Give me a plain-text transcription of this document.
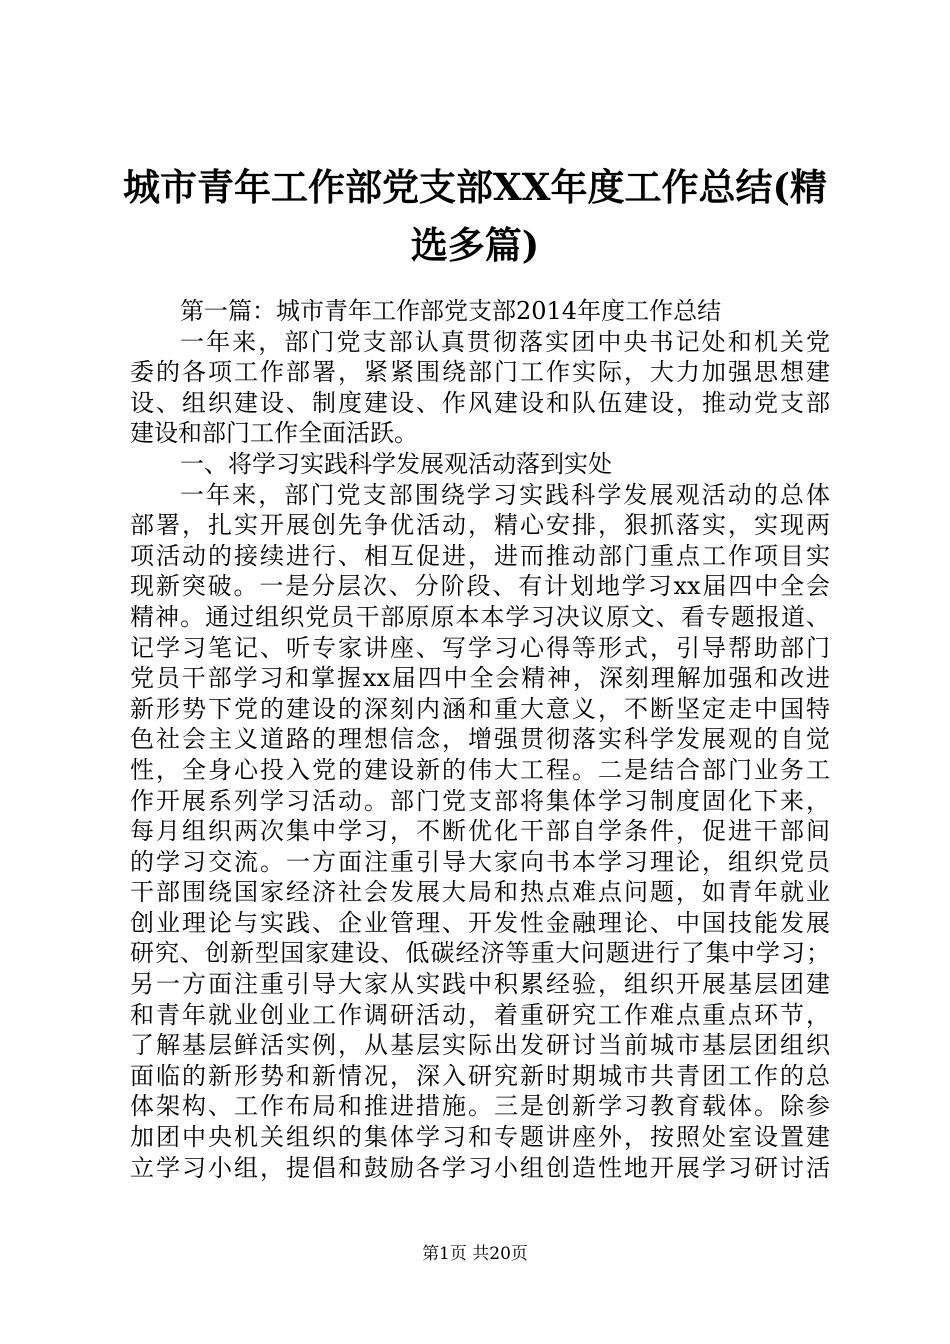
城市青年工作部党支部XX年度工作总结(精选多篇)
第一篇：城市青年工作部党支部2014年度工作总结
一年来，部门党支部认真贯彻落实团中央书记处和机关党
委的各项工作部署，紧紧围绕部门工作实际，大力加强思想建
设、组织建设、制度建设、作风建设和队伍建设，推动党支部
建设和部门工作全面活跃。
一、将学习实践科学发展观活动落到实处
一年来，部门党支部围绕学习实践科学发展观活动的总体
部署，扎实开展创先争优活动，精心安排，狠抓落实，实现两
项活动的接续进行、相互促进，进而推动部门重点工作项目实
现新突破。一是分层次、分阶段、有计划地学习xx届四中全会
精神。通过组织党员干部原原本本学习决议原文、看专题报道、
记学习笔记、听专家讲座、写学习心得等形式，引导帮助部门
党员干部学习和掌握xx届四中全会精神，深刻理解加强和改进
新形势下党的建设的深刻内涵和重大意义，不断坚定走中国特
色社会主义道路的理想信念，增强贯彻落实科学发展观的自觉
性，全身心投入党的建设新的伟大工程。二是结合部门业务工
作开展系列学习活动。部门党支部将集体学习制度固化下来，
每月组织两次集中学习，不断优化干部自学条件，促进干部间
的学习交流。一方面注重引导大家向书本学习理论，组织党员
干部围绕国家经济社会发展大局和热点难点问题，如青年就业
创业理论与实践、企业管理、开发性金融理论、中国技能发展
研究、创新型国家建设、低碳经济等重大问题进行了集中学习；
另一方面注重引导大家从实践中积累经验，组织开展基层团建
和青年就业创业工作调研活动，着重研究工作难点重点环节，
了解基层鲜活实例，从基层实际出发研讨当前城市基层团组织
面临的新形势和新情况，深入研究新时期城市共青团工作的总
体架构、工作布局和推进措施。三是创新学习教育载体。除参
加团中央机关组织的集体学习和专题讲座外，按照处室设置建
立学习小组，提倡和鼓励各学习小组创造性地开展学习研讨活
第1页 共20页
